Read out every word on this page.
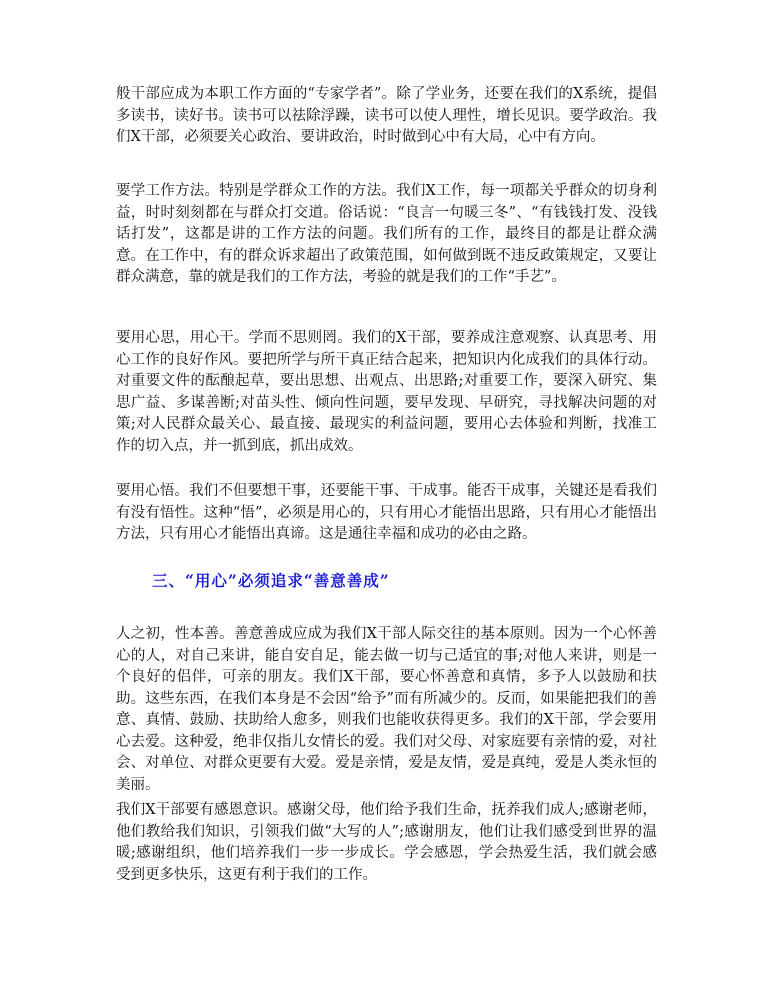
般干部应成为本职工作方面的“专家学者”。除了学业务，还要在我们的X系统，提倡多读书，读好书。读书可以祛除浮躁，读书可以使人理性，增长见识。要学政治。我们X干部，必须要关心政治、要讲政治，时时做到心中有大局，心中有方向。

要学工作方法。特别是学群众工作的方法。我们X工作，每一项都关乎群众的切身利益，时时刻刻都在与群众打交道。俗话说：“良言一句暖三冬”、“有钱钱打发、没钱话打发”，这都是讲的工作方法的问题。我们所有的工作，最终目的都是让群众满意。在工作中，有的群众诉求超出了政策范围，如何做到既不违反政策规定，又要让群众满意，靠的就是我们的工作方法，考验的就是我们的工作“手艺”。

要用心思，用心干。学而不思则罔。我们的X干部，要养成注意观察、认真思考、用心工作的良好作风。要把所学与所干真正结合起来，把知识内化成我们的具体行动。对重要文件的酝酿起草，要出思想、出观点、出思路;对重要工作，要深入研究、集思广益、多谋善断;对苗头性、倾向性问题，要早发现、早研究，寻找解决问题的对策;对人民群众最关心、最直接、最现实的利益问题，要用心去体验和判断，找准工作的切入点，并一抓到底，抓出成效。

要用心悟。我们不但要想干事，还要能干事、干成事。能否干成事，关键还是看我们有没有悟性。这种“悟”，必须是用心的，只有用心才能悟出思路，只有用心才能悟出方法，只有用心才能悟出真谛。这是通往幸福和成功的必由之路。

三、“用心”必须追求“善意善成”

人之初，性本善。善意善成应成为我们X干部人际交往的基本原则。因为一个心怀善心的人，对自己来讲，能自安自足，能去做一切与己适宜的事;对他人来讲，则是一个良好的侣伴，可亲的朋友。我们X干部，要心怀善意和真情，多予人以鼓励和扶助。这些东西，在我们本身是不会因“给予”而有所减少的。反而，如果能把我们的善意、真情、鼓励、扶助给人愈多，则我们也能收获得更多。我们的X干部，学会要用心去爱。这种爱，绝非仅指儿女情长的爱。我们对父母、对家庭要有亲情的爱，对社会、对单位、对群众更要有大爱。爱是亲情，爱是友情，爱是真纯，爱是人类永恒的美丽。

我们X干部要有感恩意识。感谢父母，他们给予我们生命，抚养我们成人;感谢老师，他们教给我们知识，引领我们做“大写的人”;感谢朋友，他们让我们感受到世界的温暖;感谢组织，他们培养我们一步一步成长。学会感恩，学会热爱生活，我们就会感受到更多快乐，这更有利于我们的工作。
